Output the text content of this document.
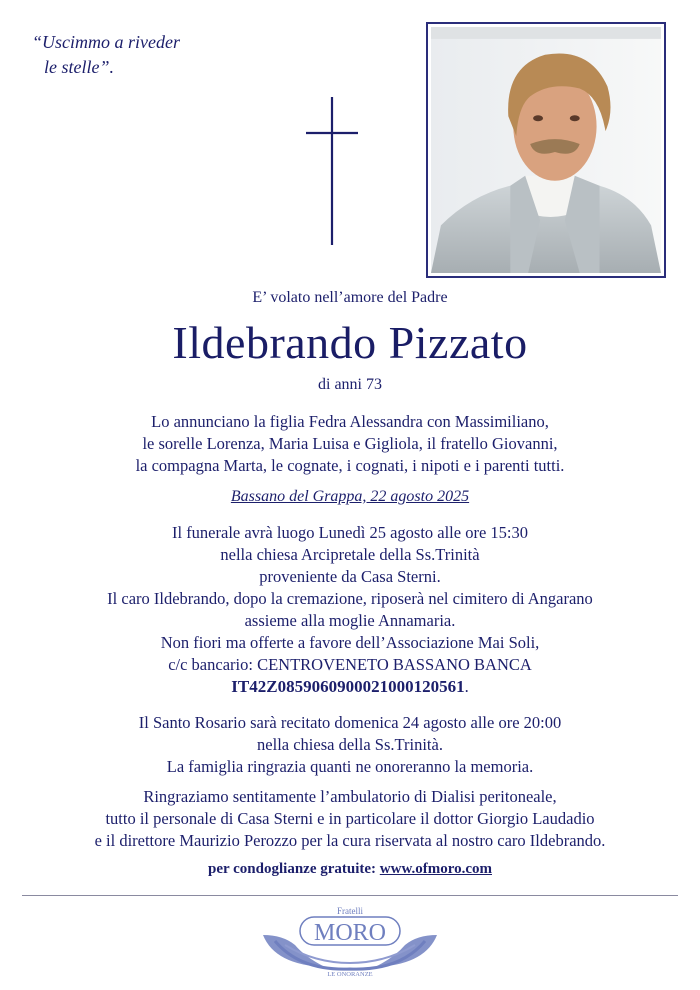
“Uscimmo a riveder
le stelle”.
E’ volato nell’amore del Padre
Ildebrando Pizzato
di anni 73
Lo annunciano la figlia Fedra Alessandra con Massimiliano,
le sorelle Lorenza, Maria Luisa e Gigliola, il fratello Giovanni,
la compagna Marta, le cognate, i cognati, i nipoti e i parenti tutti.
Bassano del Grappa, 22 agosto 2025
Il funerale avrà luogo Lunedì 25 agosto alle ore 15:30
nella chiesa Arcipretale della Ss.Trinità
proveniente da Casa Sterni.
Il caro Ildebrando, dopo la cremazione, riposerà nel cimitero di Angarano
assieme alla moglie Annamaria.
Non fiori ma offerte a favore dell’Associazione Mai Soli,
c/c bancario: CENTROVENETO BASSANO BANCA
IT42Z0859060900021000120561.
Il Santo Rosario sarà recitato domenica 24 agosto alle ore 20:00
nella chiesa della Ss.Trinità.
La famiglia ringrazia quanti ne onoreranno la memoria.
Ringraziamo sentitamente l’ambulatorio di Dialisi peritoneale,
tutto il personale di Casa Sterni e in particolare il dottor Giorgio Laudadio
e il direttore Maurizio Perozzo per la cura riservata al nostro caro Ildebrando.
per condoglianze gratuite: www.ofmoro.com
Fratelli
MORO
LE ONORANZE
